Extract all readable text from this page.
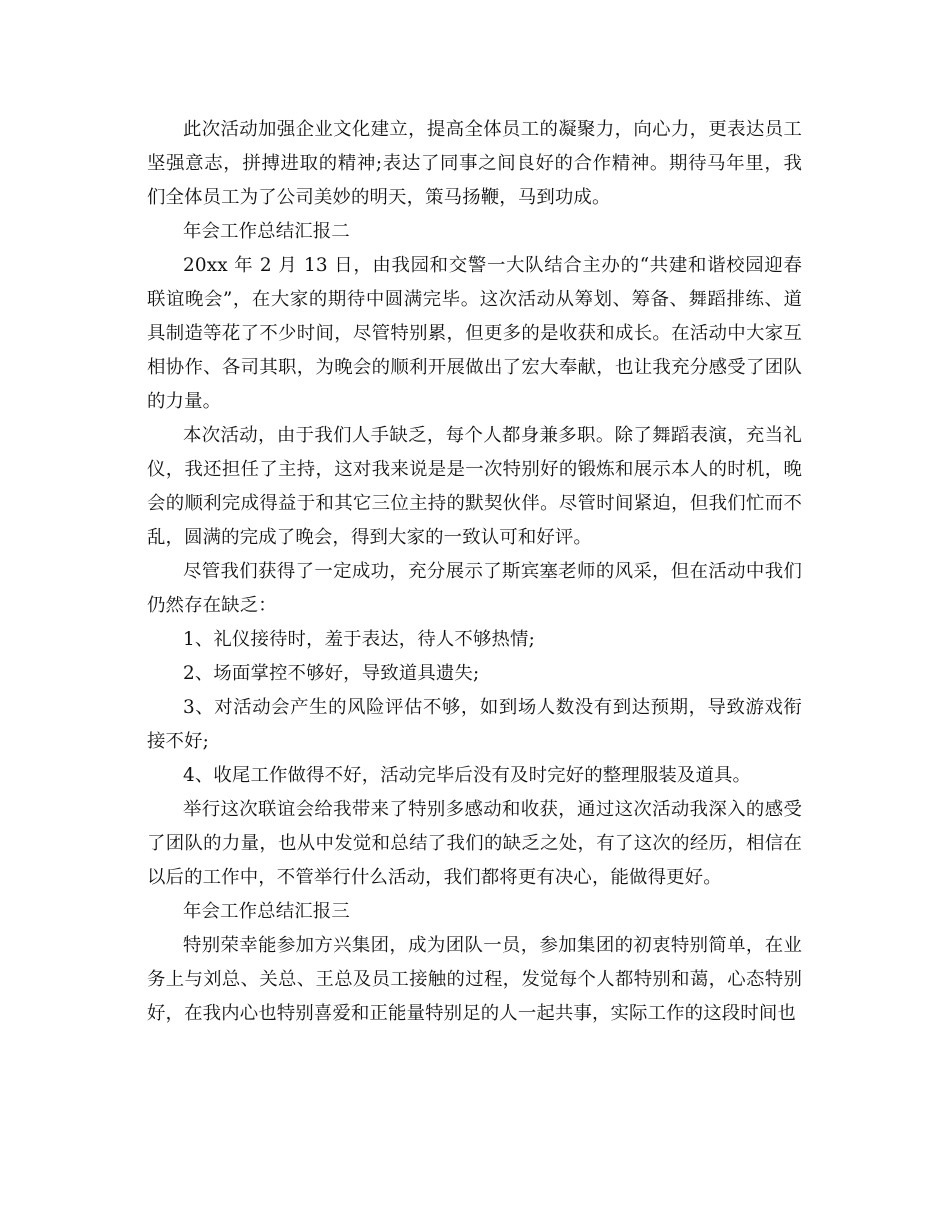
此次活动加强企业文化建立，提高全体员工的凝聚力，向心力，更表达员工坚强意志，拼搏进取的精神;表达了同事之间良好的合作精神。期待马年里，我们全体员工为了公司美妙的明天，策马扬鞭，马到功成。

年会工作总结汇报二

20xx 年 2 月 13 日，由我园和交警一大队结合主办的“共建和谐校园迎春联谊晚会”，在大家的期待中圆满完毕。这次活动从筹划、筹备、舞蹈排练、道具制造等花了不少时间，尽管特别累，但更多的是收获和成长。在活动中大家互相协作、各司其职，为晚会的顺利开展做出了宏大奉献，也让我充分感受了团队的力量。

本次活动，由于我们人手缺乏，每个人都身兼多职。除了舞蹈表演，充当礼仪，我还担任了主持，这对我来说是是一次特别好的锻炼和展示本人的时机，晚会的顺利完成得益于和其它三位主持的默契伙伴。尽管时间紧迫，但我们忙而不乱，圆满的完成了晚会，得到大家的一致认可和好评。

尽管我们获得了一定成功，充分展示了斯宾塞老师的风采，但在活动中我们仍然存在缺乏：

1、礼仪接待时，羞于表达，待人不够热情;

2、场面掌控不够好，导致道具遗失;

3、对活动会产生的风险评估不够，如到场人数没有到达预期，导致游戏衔接不好;

4、收尾工作做得不好，活动完毕后没有及时完好的整理服装及道具。

举行这次联谊会给我带来了特别多感动和收获，通过这次活动我深入的感受了团队的力量，也从中发觉和总结了我们的缺乏之处，有了这次的经历，相信在以后的工作中，不管举行什么活动，我们都将更有决心，能做得更好。

年会工作总结汇报三

特别荣幸能参加方兴集团，成为团队一员，参加集团的初衷特别简单，在业务上与刘总、关总、王总及员工接触的过程，发觉每个人都特别和蔼，心态特别好，在我内心也特别喜爱和正能量特别足的人一起共事，实际工作的这段时间也
